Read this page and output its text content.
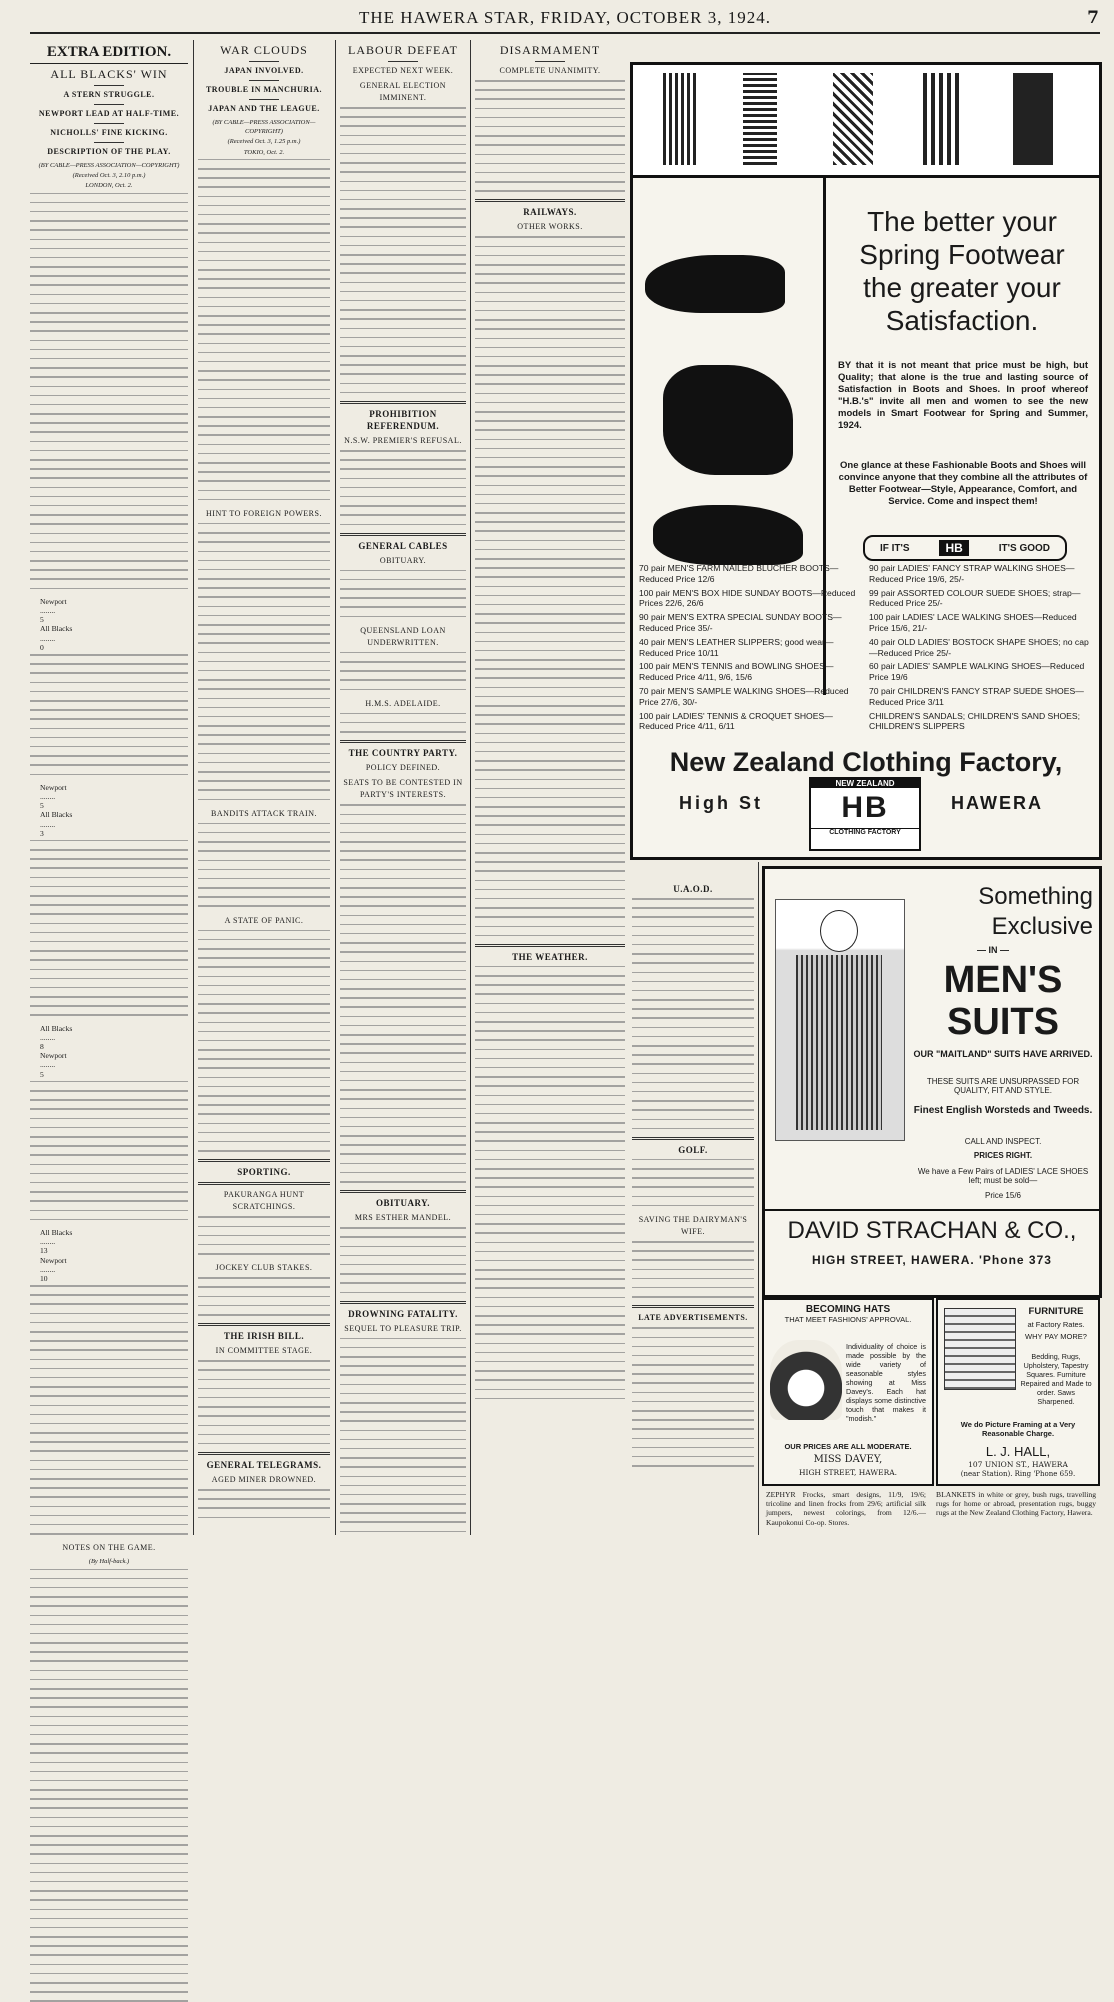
THE HAWERA STAR, FRIDAY, OCTOBER 3, 1924.	7
EXTRA EDITION.
ALL BLACKS' WIN
A STERN STRUGGLE.
NEWPORT LEAD AT HALF-TIME.
NICHOLLS' FINE KICKING.
DESCRIPTION OF THE PLAY.
(BY CABLE—PRESS ASSOCIATION—COPYRIGHT)
(Received Oct. 3, 2.10 p.m.)
LONDON, Oct. 2.
Newport
........
5
All Blacks
........
0
Newport
........
5
All Blacks
........
3
All Blacks
........
8
Newport
........
5
All Blacks
........
13
Newport
........
10
NOTES ON THE GAME.
(By Half-back.)
WAR CLOUDS
JAPAN INVOLVED.
TROUBLE IN MANCHURIA.
JAPAN AND THE LEAGUE.
(BY CABLE—PRESS ASSOCIATION—COPYRIGHT)
(Received Oct. 3, 1.25 p.m.)
TOKIO, Oct. 2.
HINT TO FOREIGN POWERS.
BANDITS ATTACK TRAIN.
A STATE OF PANIC.
SPORTING.
PAKURANGA HUNT SCRATCHINGS.
JOCKEY CLUB STAKES.
THE IRISH BILL.
IN COMMITTEE STAGE.
GENERAL TELEGRAMS.
AGED MINER DROWNED.
LABOUR DEFEAT
EXPECTED NEXT WEEK.
GENERAL ELECTION IMMINENT.
PROHIBITION REFERENDUM.
N.S.W. PREMIER'S REFUSAL.
GENERAL CABLES
OBITUARY.
QUEENSLAND LOAN UNDERWRITTEN.
H.M.S. ADELAIDE.
THE COUNTRY PARTY.
POLICY DEFINED.
SEATS TO BE CONTESTED IN PARTY'S INTERESTS.
OBITUARY.
MRS ESTHER MANDEL.
DROWNING FATALITY.
SEQUEL TO PLEASURE TRIP.
DISARMAMENT
COMPLETE UNANIMITY.
RAILWAYS.
OTHER WORKS.
THE WEATHER.
The better your
Spring Footwear
the greater your
Satisfaction.
BY that it is not meant that price must be high, but Quality; that alone is the true and lasting source of Satisfaction in Boots and Shoes. In proof whereof "H.B.'s" invite all men and women to see the new models in Smart Footwear for Spring and Summer, 1924.
One glance at these Fashionable Boots and Shoes will convince anyone that they combine all the attributes of Better Footwear—Style, Appearance, Comfort, and Service. Come and inspect them!
IF IT'S	HB	IT'S GOOD
70 pair MEN'S FARM NAILED BLUCHER BOOTS—Reduced Price 12/6
100 pair MEN'S BOX HIDE SUNDAY BOOTS—Reduced Prices 22/6, 26/6
90 pair MEN'S EXTRA SPECIAL SUNDAY BOOTS—Reduced Price 35/-
40 pair MEN'S LEATHER SLIPPERS; good wear—Reduced Price 10/11
100 pair MEN'S TENNIS and BOWLING SHOES—Reduced Price 4/11, 9/6, 15/6
70 pair MEN'S SAMPLE WALKING SHOES—Reduced Price 27/6, 30/-
100 pair LADIES' TENNIS & CROQUET SHOES—Reduced Price 4/11, 6/11
90 pair LADIES' FANCY STRAP WALKING SHOES—Reduced Price 19/6, 25/-
99 pair ASSORTED COLOUR SUEDE SHOES; strap—Reduced Price 25/-
100 pair LADIES' LACE WALKING SHOES—Reduced Price 15/6, 21/-
40 pair OLD LADIES' BOSTOCK SHAPE SHOES; no cap—Reduced Price 25/-
60 pair LADIES' SAMPLE WALKING SHOES—Reduced Price 19/6
70 pair CHILDREN'S FANCY STRAP SUEDE SHOES—Reduced Price 3/11
CHILDREN'S SANDALS; CHILDREN'S SAND SHOES; CHILDREN'S SLIPPERS
New Zealand Clothing Factory,
High St	HAWERA
NEW ZEALAND
HB
CLOTHING FACTORY
U.A.O.D.
GOLF.
SAVING THE DAIRYMAN'S WIFE.
LATE ADVERTISEMENTS.
Something
Exclusive
— IN —
MEN'S
SUITS
OUR "MAITLAND" SUITS HAVE ARRIVED.
THESE SUITS ARE UNSURPASSED FOR QUALITY, FIT AND STYLE.
Finest English Worsteds and Tweeds.
CALL AND INSPECT.
PRICES RIGHT.
We have a Few Pairs of LADIES' LACE SHOES left; must be sold—
Price 15/6
DAVID STRACHAN & CO.,
HIGH STREET, HAWERA. 'Phone 373
BECOMING HATS
THAT MEET FASHIONS' APPROVAL.
Individuality of choice is made possible by the wide variety of seasonable styles showing at Miss Davey's. Each hat displays some distinctive touch that makes it "modish."
OUR PRICES ARE ALL MODERATE.
MISS DAVEY,
HIGH STREET, HAWERA.
FURNITURE
at Factory Rates.
WHY PAY MORE?
Bedding, Rugs, Upholstery, Tapestry Squares. Furniture Repaired and Made to order. Saws Sharpened.
We do Picture Framing at a Very Reasonable Charge.
L. J. HALL,
107 UNION ST., HAWERA
(near Station). Ring 'Phone 659.
ZEPHYR Frocks, smart designs, 11/9, 19/6; tricoline and linen frocks from 29/6; artificial silk jumpers, newest colorings, from 12/6.—Kaupokonui Co-op. Stores.
BLANKETS in white or grey, bush rugs, travelling rugs for home or abroad, presentation rugs, buggy rugs at the New Zealand Clothing Factory, Hawera.
